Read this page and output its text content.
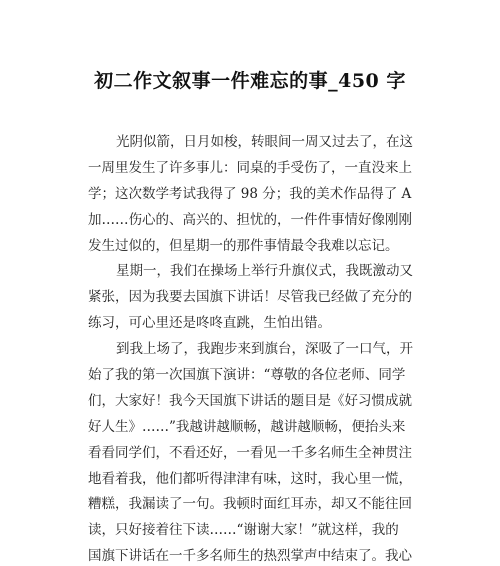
初二作文叙事一件难忘的事_450 字
光阴似箭，日月如梭，转眼间一周又过去了，在这
一周里发生了许多事儿：同桌的手受伤了，一直没来上
学；这次数学考试我得了 98 分；我的美术作品得了 A
加……伤心的、高兴的、担忧的，一件件事情好像刚刚
发生过似的，但星期一的那件事情最令我难以忘记。
星期一，我们在操场上举行升旗仪式，我既激动又
紧张，因为我要去国旗下讲话！尽管我已经做了充分的
练习，可心里还是咚咚直跳，生怕出错。
到我上场了，我跑步来到旗台，深吸了一口气，开
始了我的第一次国旗下演讲：“尊敬的各位老师、同学
们，大家好！我今天国旗下讲话的题目是《好习惯成就
好人生》……”我越讲越顺畅，越讲越顺畅，便抬头来
看看同学们，不看还好，一看见一千多名师生全神贯注
地看着我，他们都听得津津有味，这时，我心里一慌，
糟糕，我漏读了一句。我顿时面红耳赤，却又不能往回
读，只好接着往下读……“谢谢大家！”就这样，我的
国旗下讲话在一千多名师生的热烈掌声中结束了。我心
